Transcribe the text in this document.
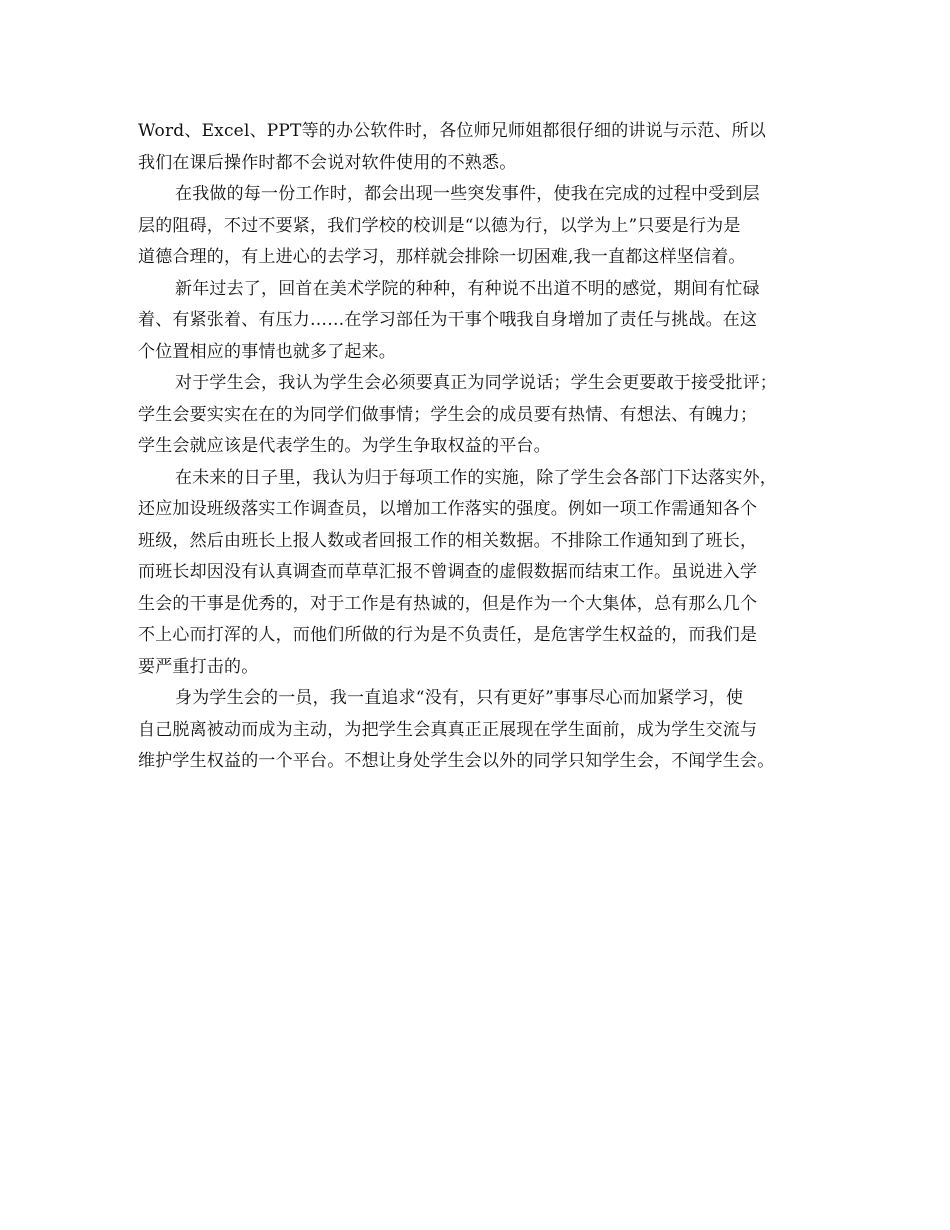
Word、Excel、PPT等的办公软件时，各位师兄师姐都很仔细的讲说与示范、所以
我们在课后操作时都不会说对软件使用的不熟悉。
在我做的每一份工作时，都会出现一些突发事件，使我在完成的过程中受到层
层的阻碍，不过不要紧，我们学校的校训是“以德为行，以学为上”只要是行为是
道德合理的，有上进心的去学习，那样就会排除一切困难,我一直都这样坚信着。
新年过去了，回首在美术学院的种种，有种说不出道不明的感觉，期间有忙碌
着、有紧张着、有压力……在学习部任为干事个哦我自身增加了责任与挑战。在这
个位置相应的事情也就多了起来。
对于学生会，我认为学生会必须要真正为同学说话；学生会更要敢于接受批评；
学生会要实实在在的为同学们做事情；学生会的成员要有热情、有想法、有魄力；
学生会就应该是代表学生的。为学生争取权益的平台。
在未来的日子里，我认为归于每项工作的实施，除了学生会各部门下达落实外，
还应加设班级落实工作调查员，以增加工作落实的强度。例如一项工作需通知各个
班级，然后由班长上报人数或者回报工作的相关数据。不排除工作通知到了班长，
而班长却因没有认真调查而草草汇报不曾调查的虚假数据而结束工作。虽说进入学
生会的干事是优秀的，对于工作是有热诚的，但是作为一个大集体，总有那么几个
不上心而打浑的人，而他们所做的行为是不负责任，是危害学生权益的，而我们是
要严重打击的。
身为学生会的一员，我一直追求“没有，只有更好”事事尽心而加紧学习，使
自己脱离被动而成为主动，为把学生会真真正正展现在学生面前，成为学生交流与
维护学生权益的一个平台。不想让身处学生会以外的同学只知学生会，不闻学生会。
